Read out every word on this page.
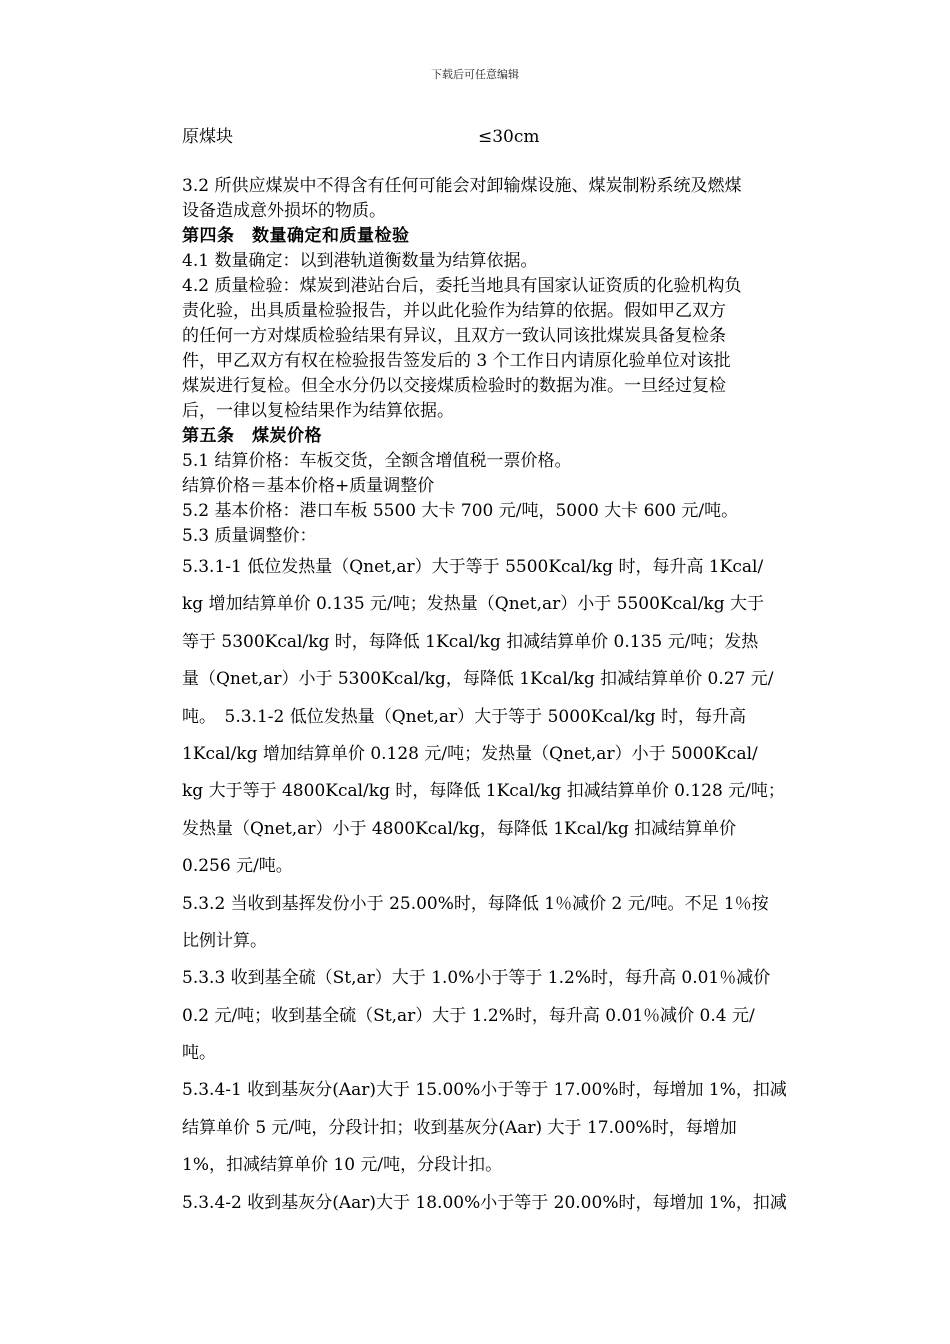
下载后可任意编辑
原煤块	≤30cm
3.2 所供应煤炭中不得含有任何可能会对卸输煤设施、煤炭制粉系统及燃煤
设备造成意外损坏的物质。
第四条　数量确定和质量检验
4.1 数量确定：以到港轨道衡数量为结算依据。
4.2 质量检验：煤炭到港站台后，委托当地具有国家认证资质的化验机构负
责化验，出具质量检验报告，并以此化验作为结算的依据。假如甲乙双方
的任何一方对煤质检验结果有异议，且双方一致认同该批煤炭具备复检条
件，甲乙双方有权在检验报告签发后的 3 个工作日内请原化验单位对该批
煤炭进行复检。但全水分仍以交接煤质检验时的数据为准。一旦经过复检
后，一律以复检结果作为结算依据。
第五条　煤炭价格
5.1 结算价格：车板交货，全额含增值税一票价格。
结算价格＝基本价格+质量调整价
5.2 基本价格：港口车板 5500 大卡 700 元/吨，5000 大卡 600 元/吨。
5.3 质量调整价：
5.3.1-1 低位发热量（Qnet,ar）大于等于 5500Kcal/kg 时，每升高 1Kcal/
kg 增加结算单价 0.135 元/吨；发热量（Qnet,ar）小于 5500Kcal/kg 大于
等于 5300Kcal/kg 时，每降低 1Kcal/kg 扣减结算单价 0.135 元/吨；发热
量（Qnet,ar）小于 5300Kcal/kg，每降低 1Kcal/kg 扣减结算单价 0.27 元/
吨。　5.3.1-2 低位发热量（Qnet,ar）大于等于 5000Kcal/kg 时，每升高
1Kcal/kg 增加结算单价 0.128 元/吨；发热量（Qnet,ar）小于 5000Kcal/
kg 大于等于 4800Kcal/kg 时，每降低 1Kcal/kg 扣减结算单价 0.128 元/吨；
发热量（Qnet,ar）小于 4800Kcal/kg，每降低 1Kcal/kg 扣减结算单价
0.256 元/吨。
5.3.2 当收到基挥发份小于 25.00%时，每降低 1％减价 2 元/吨。不足 1％按
比例计算。
5.3.3 收到基全硫（St,ar）大于 1.0%小于等于 1.2%时，每升高 0.01％减价
0.2 元/吨；收到基全硫（St,ar）大于 1.2%时，每升高 0.01％减价 0.4 元/
吨。
5.3.4-1 收到基灰分(Aar)大于 15.00%小于等于 17.00%时，每增加 1%，扣减
结算单价 5 元/吨，分段计扣；收到基灰分(Aar) 大于 17.00%时，每增加
1%，扣减结算单价 10 元/吨，分段计扣。
5.3.4-2 收到基灰分(Aar)大于 18.00%小于等于 20.00%时，每增加 1%，扣减
